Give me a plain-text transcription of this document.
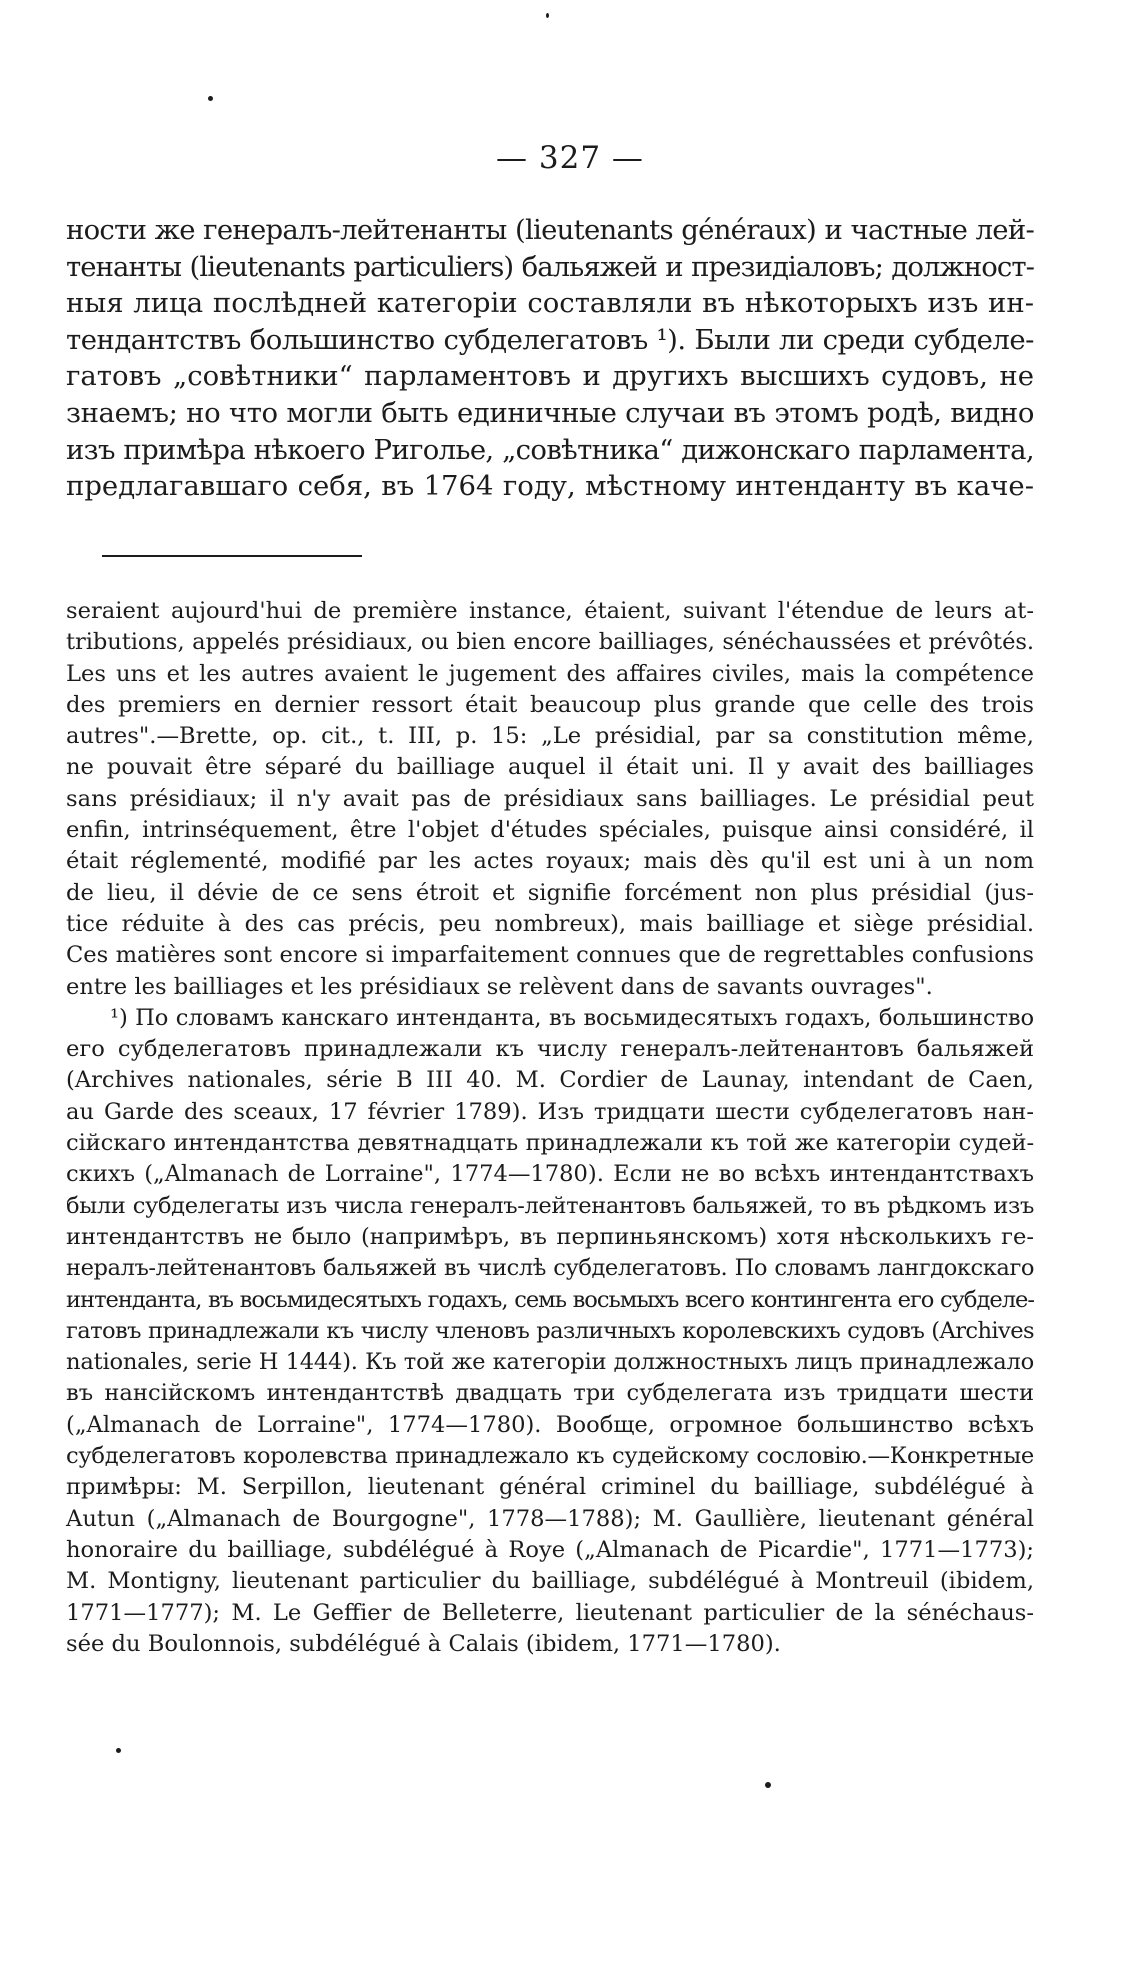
— 327 —
ности же генералъ-лейтенанты (lieutenants généraux) и частные лей-
тенанты (lieutenants particuliers) бальяжей и президіаловъ; должност-
ныя лица послѣдней категоріи составляли въ нѣкоторыхъ изъ ин-
тендантствъ большинство субделегатовъ ¹). Были ли среди субделе-
гатовъ „совѣтники“ парламентовъ и другихъ высшихъ судовъ, не
знаемъ; но что могли быть единичные случаи въ этомъ родѣ, видно
изъ примѣра нѣкоего Риголье, „совѣтника“ дижонскаго парламента,
предлагавшаго себя, въ 1764 году, мѣстному интенданту въ каче-
seraient aujourd'hui de première instance, étaient, suivant l'étendue de leurs at-
tributions, appelés présidiaux, ou bien encore bailliages, sénéchaussées et prévôtés.
Les uns et les autres avaient le jugement des affaires civiles, mais la compétence
des premiers en dernier ressort était beaucoup plus grande que celle des trois
autres".—Brette, op. cit., t. III, p. 15: „Le présidial, par sa constitution même,
ne pouvait être séparé du bailliage auquel il était uni. Il y avait des bailliages
sans présidiaux; il n'y avait pas de présidiaux sans bailliages. Le présidial peut
enfin, intrinséquement, être l'objet d'études spéciales, puisque ainsi considéré, il
était réglementé, modifié par les actes royaux; mais dès qu'il est uni à un nom
de lieu, il dévie de ce sens étroit et signifie forcément non plus présidial (jus-
tice réduite à des cas précis, peu nombreux), mais bailliage et siège présidial.
Ces matières sont encore si imparfaitement connues que de regrettables confusions
entre les bailliages et les présidiaux se relèvent dans de savants ouvrages".
¹) По словамъ канскаго интенданта, въ восьмидесятыхъ годахъ, большинство
его субделегатовъ принадлежали къ числу генералъ-лейтенантовъ бальяжей
(Archives nationales, série B III 40. M. Cordier de Launay, intendant de Caen,
au Garde des sceaux, 17 février 1789). Изъ тридцати шести субделегатовъ нан-
сійскаго интендантства девятнадцать принадлежали къ той же категоріи судей-
скихъ („Almanach de Lorraine", 1774—1780). Если не во всѣхъ интендантствахъ
были субделегаты изъ числа генералъ-лейтенантовъ бальяжей, то въ рѣдкомъ изъ
интендантствъ не было (напримѣръ, въ перпиньянскомъ) хотя нѣсколькихъ ге-
нералъ-лейтенантовъ бальяжей въ числѣ субделегатовъ. По словамъ лангдокскаго
интенданта, въ восьмидесятыхъ годахъ, семь восьмыхъ всего контингента его субделе-
гатовъ принадлежали къ числу членовъ различныхъ королевскихъ судовъ (Archives
nationales, serie H 1444). Къ той же категоріи должностныхъ лицъ принадлежало
въ нансійскомъ интендантствѣ двадцать три субделегата изъ тридцати шести
(„Almanach de Lorraine", 1774—1780). Вообще, огромное большинство всѣхъ
субделегатовъ королевства принадлежало къ судейскому сословію.—Конкретные
примѣры: M. Serpillon, lieutenant général criminel du bailliage, subdélégué à
Autun („Almanach de Bourgogne", 1778—1788); M. Gaullière, lieutenant général
honoraire du bailliage, subdélégué à Roye („Almanach de Picardie", 1771—1773);
M. Montigny, lieutenant particulier du bailliage, subdélégué à Montreuil (ibidem,
1771—1777); M. Le Geffier de Belleterre, lieutenant particulier de la sénéchaus-
sée du Boulonnois, subdélégué à Calais (ibidem, 1771—1780).
